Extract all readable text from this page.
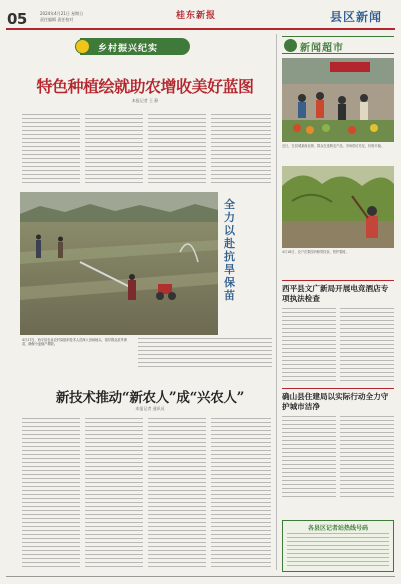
05	2024年4月21日 星期日
责任编辑 责任校对	桂东新报	县区新闻
乡村振兴纪实
特色种植绘就助农增收美好蓝图
本报记者 王 静
全力以赴抗旱保苗
4月17日，西平县农业农村局组织技术人员深入田间地头，指导群众抗旱保苗，确保小麦稳产增收。
新技术推动“新农人”成“兴农人”
本报记者 通讯员
新闻超市
近日，在县城某商业街，群众在选购农产品，市场供应充足，价格平稳。
4月18日，农户在果园内修剪枝条，管护果树。
西平县文广新局开展电竞酒店专项执法检查
确山县住建局以实际行动全力守护城市洁净
各县区记者站热线号码
